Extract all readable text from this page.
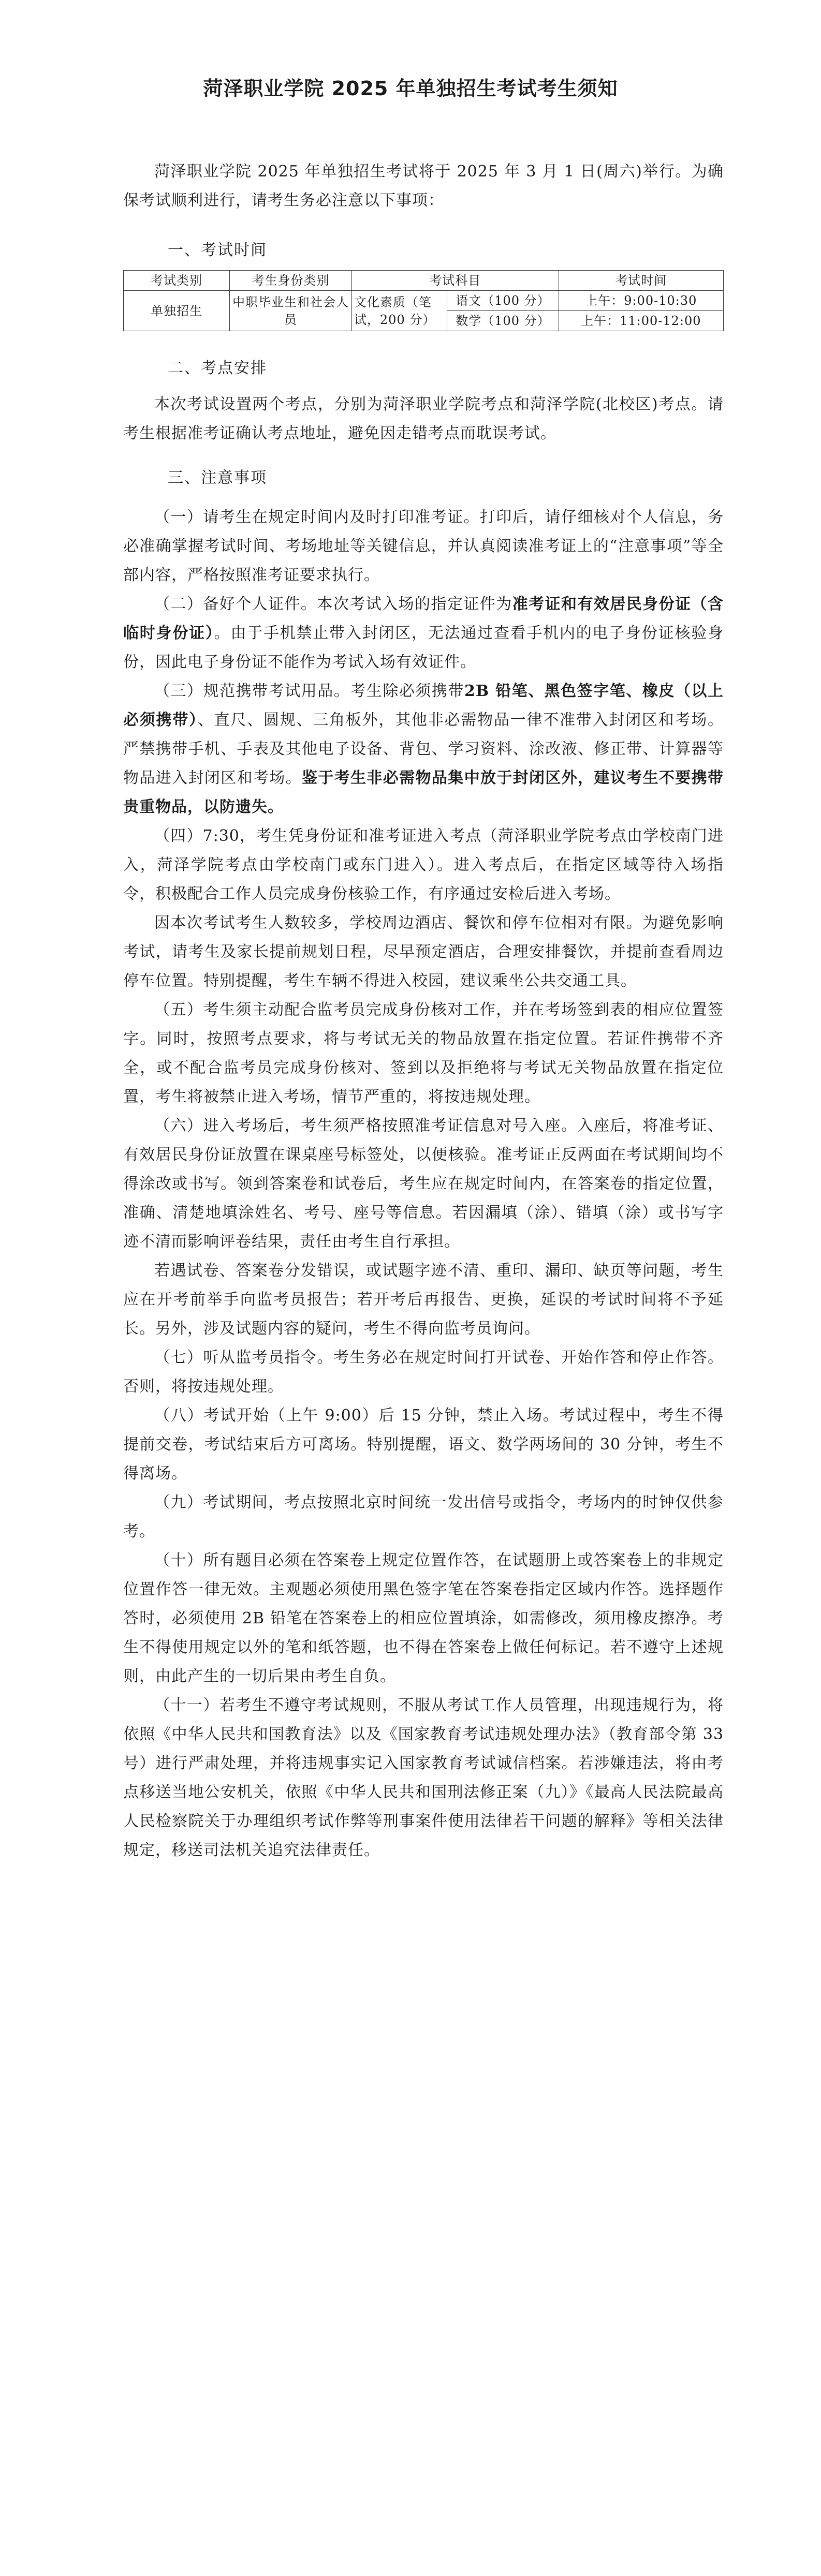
菏泽职业学院 2025 年单独招生考试考生须知

菏泽职业学院 2025 年单独招生考试将于 2025 年 3 月 1 日(周六)举行。为确保考试顺利进行，请考生务必注意以下事项：

一、考试时间

考试类别	考生身份类别	考试科目		考试时间
单独招生	中职毕业生和社会人员	文化素质（笔试，200 分）	语文（100 分）	上午：9:00-10:30
			数学（100 分）	上午：11:00-12:00

二、考点安排

本次考试设置两个考点，分别为菏泽职业学院考点和菏泽学院(北校区)考点。请考生根据准考证确认考点地址，避免因走错考点而耽误考试。

三、注意事项

（一）请考生在规定时间内及时打印准考证。打印后，请仔细核对个人信息，务必准确掌握考试时间、考场地址等关键信息，并认真阅读准考证上的“注意事项”等全部内容，严格按照准考证要求执行。

（二）备好个人证件。本次考试入场的指定证件为准考证和有效居民身份证（含临时身份证）。由于手机禁止带入封闭区，无法通过查看手机内的电子身份证核验身份，因此电子身份证不能作为考试入场有效证件。

（三）规范携带考试用品。考生除必须携带2B 铅笔、黑色签字笔、橡皮（以上必须携带）、直尺、圆规、三角板外，其他非必需物品一律不准带入封闭区和考场。严禁携带手机、手表及其他电子设备、背包、学习资料、涂改液、修正带、计算器等物品进入封闭区和考场。鉴于考生非必需物品集中放于封闭区外，建议考生不要携带贵重物品，以防遗失。

（四）7:30，考生凭身份证和准考证进入考点（菏泽职业学院考点由学校南门进入，菏泽学院考点由学校南门或东门进入）。进入考点后，在指定区域等待入场指令，积极配合工作人员完成身份核验工作，有序通过安检后进入考场。

因本次考试考生人数较多，学校周边酒店、餐饮和停车位相对有限。为避免影响考试，请考生及家长提前规划日程，尽早预定酒店，合理安排餐饮，并提前查看周边停车位置。特别提醒，考生车辆不得进入校园，建议乘坐公共交通工具。

（五）考生须主动配合监考员完成身份核对工作，并在考场签到表的相应位置签字。同时，按照考点要求，将与考试无关的物品放置在指定位置。若证件携带不齐全，或不配合监考员完成身份核对、签到以及拒绝将与考试无关物品放置在指定位置，考生将被禁止进入考场，情节严重的，将按违规处理。

（六）进入考场后，考生须严格按照准考证信息对号入座。入座后，将准考证、有效居民身份证放置在课桌座号标签处，以便核验。准考证正反两面在考试期间均不得涂改或书写。领到答案卷和试卷后，考生应在规定时间内，在答案卷的指定位置，准确、清楚地填涂姓名、考号、座号等信息。若因漏填（涂）、错填（涂）或书写字迹不清而影响评卷结果，责任由考生自行承担。

若遇试卷、答案卷分发错误，或试题字迹不清、重印、漏印、缺页等问题，考生应在开考前举手向监考员报告；若开考后再报告、更换，延误的考试时间将不予延长。另外，涉及试题内容的疑问，考生不得向监考员询问。

（七）听从监考员指令。考生务必在规定时间打开试卷、开始作答和停止作答。否则，将按违规处理。

（八）考试开始（上午 9:00）后 15 分钟，禁止入场。考试过程中，考生不得提前交卷，考试结束后方可离场。特别提醒，语文、数学两场间的 30 分钟，考生不得离场。

（九）考试期间，考点按照北京时间统一发出信号或指令，考场内的时钟仅供参考。

（十）所有题目必须在答案卷上规定位置作答，在试题册上或答案卷上的非规定位置作答一律无效。主观题必须使用黑色签字笔在答案卷指定区域内作答。选择题作答时，必须使用 2B 铅笔在答案卷上的相应位置填涂，如需修改，须用橡皮擦净。考生不得使用规定以外的笔和纸答题，也不得在答案卷上做任何标记。若不遵守上述规则，由此产生的一切后果由考生自负。

（十一）若考生不遵守考试规则，不服从考试工作人员管理，出现违规行为，将依照《中华人民共和国教育法》以及《国家教育考试违规处理办法》（教育部令第 33 号）进行严肃处理，并将违规事实记入国家教育考试诚信档案。若涉嫌违法，将由考点移送当地公安机关，依照《中华人民共和国刑法修正案（九）》《最高人民法院最高人民检察院关于办理组织考试作弊等刑事案件使用法律若干问题的解释》等相关法律规定，移送司法机关追究法律责任。
